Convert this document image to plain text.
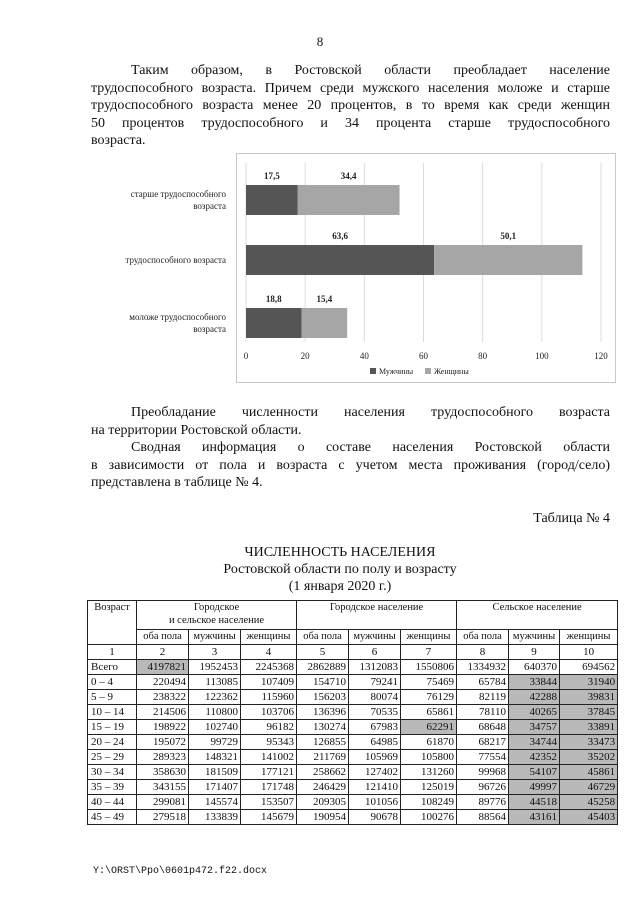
8
Таким образом, в Ростовской области преобладает население
трудоспособного возраста. Причем среди мужского населения моложе и старше
трудоспособного возраста менее 20 процентов, в то время как среди женщин
50 процентов трудоспособного и 34 процента старше трудоспособного
возраста.
0	20	40	60	80	100	120
17,5	34,4
старше трудоспособного
возраста
63,6	50,1
трудоспособного возраста
18,8	15,4
моложе трудоспособного
возраста
Мужчины	Женщины
Преобладание численности населения трудоспособного возраста
на территории Ростовской области.
Сводная информация о составе населения Ростовской области
в зависимости от пола и возраста с учетом места проживания (город/село)
представлена в таблице № 4.
Таблица № 4
ЧИСЛЕННОСТЬ НАСЕЛЕНИЯ
Ростовской области по полу и возрасту
(1 января 2020 г.)
Возраст	Городское
и сельское население			Городское население			Сельское население		
	оба пола	мужчины	женщины	оба пола	мужчины	женщины	оба пола	мужчины	женщины
1	2	3	4	5	6	7	8	9	10
Всего	4197821	1952453	2245368	2862889	1312083	1550806	1334932	640370	694562
0 – 4	220494	113085	107409	154710	79241	75469	65784	33844	31940
5 – 9	238322	122362	115960	156203	80074	76129	82119	42288	39831
10 – 14	214506	110800	103706	136396	70535	65861	78110	40265	37845
15 – 19	198922	102740	96182	130274	67983	62291	68648	34757	33891
20 – 24	195072	99729	95343	126855	64985	61870	68217	34744	33473
25 – 29	289323	148321	141002	211769	105969	105800	77554	42352	35202
30 – 34	358630	181509	177121	258662	127402	131260	99968	54107	45861
35 – 39	343155	171407	171748	246429	121410	125019	96726	49997	46729
40 – 44	299081	145574	153507	209305	101056	108249	89776	44518	45258
45 – 49	279518	133839	145679	190954	90678	100276	88564	43161	45403
Y:\ORST\Ppo\0601p472.f22.docx
